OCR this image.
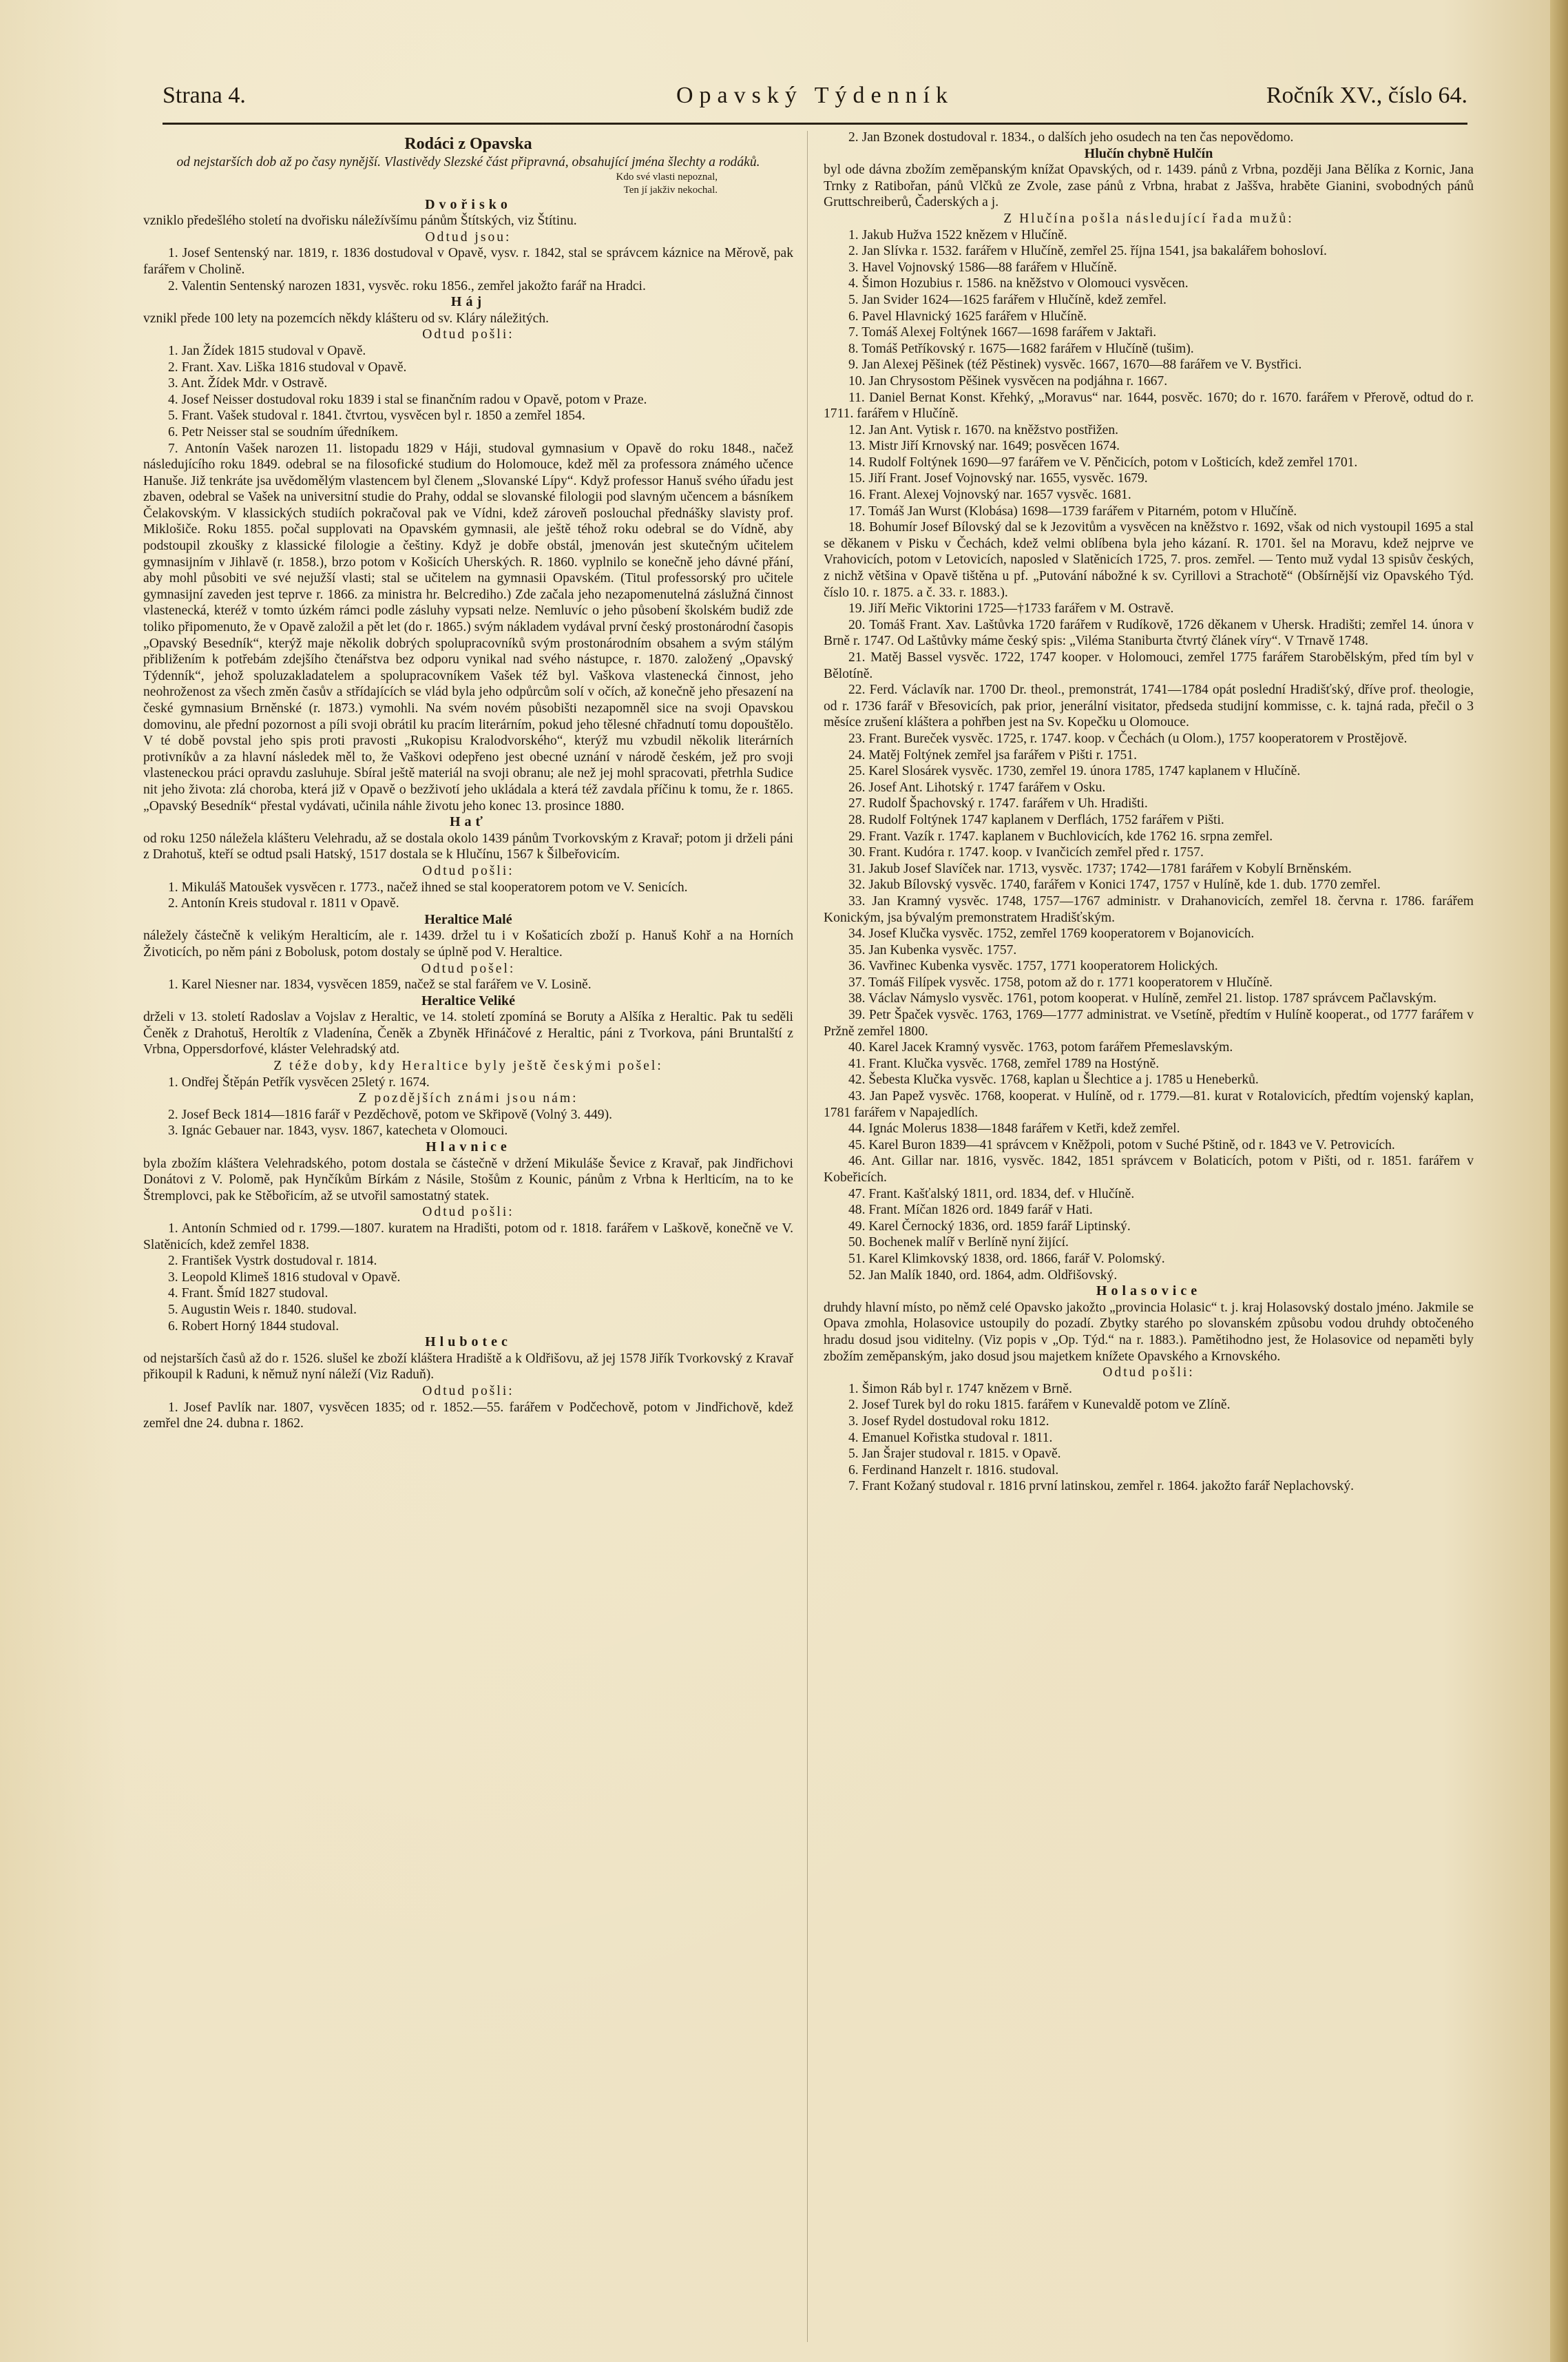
Strana 4.	Opavský Týdenník	Ročník XV., číslo 64.
Rodáci z Opavska
od nejstarších dob až po časy nynější. Vlastivědy Slezské část připravná, obsahující jména šlechty a rodáků.
Kdo své vlasti nepoznal,
Ten jí jakživ nekochal.
Dvořisko

vzniklo předešlého století na dvořisku náležívšímu pánům Štítských, viz Štítinu.

Odtud jsou:

1. Josef Sentenský nar. 1819, r. 1836 dostudoval v Opavě, vysv. r. 1842, stal se správcem káznice na Měrově, pak farářem v Cholině.

2. Valentin Sentenský narozen 1831, vysvěc. roku 1856., zemřel jakožto farář na Hradci.

Háj

vznikl přede 100 lety na pozemcích někdy klášteru od sv. Kláry náležitých.

Odtud pošli:

1. Jan Žídek 1815 studoval v Opavě.

2. Frant. Xav. Liška 1816 studoval v Opavě.

3. Ant. Žídek Mdr. v Ostravě.

4. Josef Neisser dostudoval roku 1839 i stal se finančním radou v Opavě, potom v Praze.

5. Frant. Vašek studoval r. 1841. čtvrtou, vysvěcen byl r. 1850 a zemřel 1854.

6. Petr Neisser stal se soudním úředníkem.

7. Antonín Vašek narozen 11. listopadu 1829 v Háji, studoval gymnasium v Opavě do roku 1848., načež následujícího roku 1849. odebral se na filosofické studium do Holomouce, kdež měl za professora známého učence Hanuše. Již tenkráte jsa uvědomělým vlastencem byl členem „Slovanské Lípy“. Když professor Hanuš svého úřadu jest zbaven, odebral se Vašek na universitní studie do Prahy, oddal se slovanské filologii pod slavným učencem a básníkem Čelakovským. V klassických studiích pokračoval pak ve Vídni, kdež zároveň poslouchal přednášky slavisty prof. Miklošiče. Roku 1855. počal supplovati na Opavském gymnasii, ale ještě téhož roku odebral se do Vídně, aby podstoupil zkoušky z klassické filologie a češtiny. Když je dobře obstál, jmenován jest skutečným učitelem gymnasijním v Jihlavě (r. 1858.), brzo potom v Košicích Uherských. R. 1860. vyplnilo se konečně jeho dávné přání, aby mohl působiti ve své nejužší vlasti; stal se učitelem na gymnasii Opavském. (Titul professorský pro učitele gymnasijní zaveden jest teprve r. 1866. za ministra hr. Belcrediho.) Zde začala jeho nezapomenutelná záslužná činnost vlastenecká, kteréž v tomto úzkém rámci podle zásluhy vypsati nelze. Nemluvíc o jeho působení školském budiž zde toliko připomenuto, že v Opavě založil a pět let (do r. 1865.) svým nákladem vydával první český prostonárodní časopis „Opavský Besedník“, kterýž maje několik dobrých spolupracovníků svým prostonárodním obsahem a svým stálým přibližením k potřebám zdejšího čtenářstva bez odporu vynikal nad svého nástupce, r. 1870. založený „Opavský Týdenník“, jehož spoluzakladatelem a spolupracovníkem Vašek též byl. Vaškova vlastenecká činnost, jeho neohroženost za všech změn časův a střídajících se vlád byla jeho odpůrcům solí v očích, až konečně jeho přesazení na české gymnasium Brněnské (r. 1873.) vymohli. Na svém novém působišti nezapomněl sice na svoji Opavskou domovinu, ale přední pozornost a píli svoji obrátil ku pracím literárním, pokud jeho tělesné chřadnutí tomu dopouštělo. V té době povstal jeho spis proti pravosti „Rukopisu Kralodvorského“, kterýž mu vzbudil několik literárních protivníkův a za hlavní následek měl to, že Vaškovi odepřeno jest obecné uznání v národě českém, jež pro svoji vlasteneckou práci opravdu zasluhuje. Sbíral ještě materiál na svoji obranu; ale než jej mohl spracovati, přetrhla Sudice nit jeho života: zlá choroba, která již v Opavě o bezživotí jeho ukládala a která též zavdala příčinu k tomu, že r. 1865. „Opavský Besedník“ přestal vydávati, učinila náhle životu jeho konec 13. prosince 1880.

Hať

od roku 1250 náležela klášteru Velehradu, až se dostala okolo 1439 pánům Tvorkovským z Kravař; potom ji drželi páni z Drahotuš, kteří se odtud psali Hatský, 1517 dostala se k Hlučínu, 1567 k Šilbeřovicím.

Odtud pošli:

1. Mikuláš Matoušek vysvěcen r. 1773., načež ihned se stal kooperatorem potom ve V. Senicích.

2. Antonín Kreis studoval r. 1811 v Opavě.

Heraltice Malé

náležely částečně k velikým Heralticím, ale r. 1439. držel tu i v Košaticích zboží p. Hanuš Kohř a na Horních Životicích, po něm páni z Bobolusk, potom dostaly se úplně pod V. Heraltice.

Odtud pošel:

1. Karel Niesner nar. 1834, vysvěcen 1859, načež se stal farářem ve V. Losině.

Heraltice Veliké

drželi v 13. století Radoslav a Vojslav z Heraltic, ve 14. století zpomíná se Boruty a Alšíka z Heraltic. Pak tu seděli Čeněk z Drahotuš, Heroltík z Vladenína, Čeněk a Zbyněk Hřináčové z Heraltic, páni z Tvorkova, páni Bruntalští z Vrbna, Oppersdorfové, kláster Velehradský atd.

Z téže doby, kdy Heraltice byly ještě českými pošel:

1. Ondřej Štěpán Petřík vysvěcen 25letý r. 1674.

Z pozdějších známi jsou nám:

2. Josef Beck 1814—1816 farář v Pezděchově, potom ve Skřipově (Volný 3. 449).

3. Ignác Gebauer nar. 1843, vysv. 1867, katecheta v Olomouci.

Hlavnice

byla zbožím kláštera Velehradského, potom dostala se částečně v držení Mikuláše Ševice z Kravař, pak Jindřichovi Donátovi z V. Polomě, pak Hynčíkům Bírkám z Násile, Stošům z Kounic, pánům z Vrbna k Herlticím, na to ke Štremplovci, pak ke Stěbořicím, až se utvořil samostatný statek.

Odtud pošli:

1. Antonín Schmied od r. 1799.—1807. kuratem na Hradišti, potom od r. 1818. farářem v Laškově, konečně ve V. Slatěnicích, kdež zemřel 1838.

2. František Vystrk dostudoval r. 1814.

3. Leopold Klimeš 1816 studoval v Opavě.

4. Frant. Šmíd 1827 studoval.

5. Augustin Weis r. 1840. studoval.

6. Robert Horný 1844 studoval.

Hlubotec

od nejstarších časů až do r. 1526. slušel ke zboží kláštera Hradiště a k Oldřišovu, až jej 1578 Jiřík Tvorkovský z Kravař přikoupil k Raduni, k němuž nyní náleží (Viz Raduň).

Odtud pošli:

1. Josef Pavlík nar. 1807, vysvěcen 1835; od r. 1852.—55. farářem v Podčechově, potom v Jindřichově, kdež zemřel dne 24. dubna r. 1862.

2. Jan Bzonek dostudoval r. 1834., o dalších jeho osudech na ten čas nepovědomo.

Hlučín chybně Hulčín

byl ode dávna zbožím zeměpanským knížat Opavských, od r. 1439. pánů z Vrbna, později Jana Bělíka z Kornic, Jana Trnky z Ratibořan, pánů Vlčků ze Zvole, zase pánů z Vrbna, hrabat z Jaššva, hraběte Gianini, svobodných pánů Gruttschreiberů, Čaderských a j.

Z Hlučína pošla následující řada mužů:

1. Jakub Hužva 1522 knězem v Hlučíně.

2. Jan Slívka r. 1532. farářem v Hlučíně, zemřel 25. října 1541, jsa bakalářem bohosloví.

3. Havel Vojnovský 1586—88 farářem v Hlučíně.

4. Šimon Hozubius r. 1586. na kněžstvo v Olomouci vysvěcen.

5. Jan Svider 1624—1625 farářem v Hlučíně, kdež zemřel.

6. Pavel Hlavnický 1625 farářem v Hlučíně.

7. Tomáš Alexej Foltýnek 1667—1698 farářem v Jaktaři.

8. Tomáš Petříkovský r. 1675—1682 farářem v Hlučíně (tušim).

9. Jan Alexej Pěšinek (též Pěstinek) vysvěc. 1667, 1670—88 farářem ve V. Bystřici.

10. Jan Chrysostom Pěšinek vysvěcen na podjáhna r. 1667.

11. Daniel Bernat Konst. Křehký, „Moravus“ nar. 1644, posvěc. 1670; do r. 1670. farářem v Přerově, odtud do r. 1711. farářem v Hlučíně.

12. Jan Ant. Vytisk r. 1670. na kněžstvo postřižen.

13. Mistr Jiří Krnovský nar. 1649; posvěcen 1674.

14. Rudolf Foltýnek 1690—97 farářem ve V. Pěnčicích, potom v Lošticích, kdež zemřel 1701.

15. Jiří Frant. Josef Vojnovský nar. 1655, vysvěc. 1679.

16. Frant. Alexej Vojnovský nar. 1657 vysvěc. 1681.

17. Tomáš Jan Wurst (Klobása) 1698—1739 farářem v Pitarném, potom v Hlučíně.

18. Bohumír Josef Bílovský dal se k Jezovitům a vysvěcen na kněžstvo r. 1692, však od nich vystoupil 1695 a stal se děkanem v Pisku v Čechách, kdež velmi oblíbena byla jeho kázaní. R. 1701. šel na Moravu, kdež nejprve ve Vrahovicích, potom v Letovicích, naposled v Slatěnicích 1725, 7. pros. zemřel. — Tento muž vydal 13 spisův českých, z nichž většina v Opavě tištěna u pf. „Putování nábožné k sv. Cyrillovi a Strachotě“ (Obšírnější viz Opavského Týd. číslo 10. r. 1875. a č. 33. r. 1883.).

19. Jiří Meřic Viktorini 1725—†1733 farářem v M. Ostravě.

20. Tomáš Frant. Xav. Laštůvka 1720 farářem v Rudíkově, 1726 děkanem v Uhersk. Hradišti; zemřel 14. února v Brně r. 1747. Od Laštůvky máme český spis: „Viléma Staniburta čtvrtý článek víry“. V Trnavě 1748.

21. Matěj Bassel vysvěc. 1722, 1747 kooper. v Holomouci, zemřel 1775 farářem Starobělským, před tím byl v Bělotíně.

22. Ferd. Václavík nar. 1700 Dr. theol., premonstrát, 1741—1784 opát poslední Hradišťský, dříve prof. theologie, od r. 1736 farář v Břesovicích, pak prior, jenerální visitator, předseda studijní kommisse, c. k. tajná rada, přečil o 3 měsíce zrušení kláštera a pohřben jest na Sv. Kopečku u Olomouce.

23. Frant. Bureček vysvěc. 1725, r. 1747. koop. v Čechách (u Olom.), 1757 kooperatorem v Prostějově.

24. Matěj Foltýnek zemřel jsa farářem v Pišti r. 1751.

25. Karel Slosárek vysvěc. 1730, zemřel 19. února 1785, 1747 kaplanem v Hlučíně.

26. Josef Ant. Lihotský r. 1747 farářem v Osku.

27. Rudolf Špachovský r. 1747. farářem v Uh. Hradišti.

28. Rudolf Foltýnek 1747 kaplanem v Derflách, 1752 farářem v Pišti.

29. Frant. Vazík r. 1747. kaplanem v Buchlovicích, kde 1762 16. srpna zemřel.

30. Frant. Kudóra r. 1747. koop. v Ivančicích zemřel před r. 1757.

31. Jakub Josef Slavíček nar. 1713, vysvěc. 1737; 1742—1781 farářem v Kobylí Brněnském.

32. Jakub Bílovský vysvěc. 1740, farářem v Konici 1747, 1757 v Hulíně, kde 1. dub. 1770 zemřel.

33. Jan Kramný vysvěc. 1748, 1757—1767 administr. v Drahanovicích, zemřel 18. června r. 1786. farářem Konickým, jsa bývalým premonstratem Hradišťským.

34. Josef Klučka vysvěc. 1752, zemřel 1769 kooperatorem v Bojanovicích.

35. Jan Kubenka vysvěc. 1757.

36. Vavřinec Kubenka vysvěc. 1757, 1771 kooperatorem Holických.

37. Tomáš Filípek vysvěc. 1758, potom až do r. 1771 kooperatorem v Hlučíně.

38. Václav Námyslo vysvěc. 1761, potom kooperat. v Hulíně, zemřel 21. listop. 1787 správcem Pačlavským.

39. Petr Špaček vysvěc. 1763, 1769—1777 administrat. ve Vsetíně, předtím v Hulíně kooperat., od 1777 farářem v Pržně zemřel 1800.

40. Karel Jacek Kramný vysvěc. 1763, potom farářem Přemeslavským.

41. Frant. Klučka vysvěc. 1768, zemřel 1789 na Hostýně.

42. Šebesta Klučka vysvěc. 1768, kaplan u Šlechtice a j. 1785 u Heneberků.

43. Jan Papež vysvěc. 1768, kooperat. v Hulíně, od r. 1779.—81. kurat v Rotalovicích, předtím vojenský kaplan, 1781 farářem v Napajedlích.

44. Ignác Molerus 1838—1848 farářem v Ketři, kdež zemřel.

45. Karel Buron 1839—41 správcem v Kněžpoli, potom v Suché Pštině, od r. 1843 ve V. Petrovicích.

46. Ant. Gillar nar. 1816, vysvěc. 1842, 1851 správcem v Bolaticích, potom v Pišti, od r. 1851. farářem v Kobeřicích.

47. Frant. Kašťalský 1811, ord. 1834, def. v Hlučíně.

48. Frant. Míčan 1826 ord. 1849 farář v Hati.

49. Karel Černocký 1836, ord. 1859 farář Liptinský.

50. Bochenek malíř v Berlíně nyní žijící.

51. Karel Klimkovský 1838, ord. 1866, farář V. Polomský.

52. Jan Malík 1840, ord. 1864, adm. Oldřišovský.

Holasovice

druhdy hlavní místo, po němž celé Opavsko jakožto „provincia Holasic“ t. j. kraj Holasovský dostalo jméno. Jakmile se Opava zmohla, Holasovice ustoupily do pozadí. Zbytky starého po slovanském způsobu vodou druhdy obtočeného hradu dosud jsou viditelny. (Viz popis v „Op. Týd.“ na r. 1883.). Pamětihodno jest, že Holasovice od nepaměti byly zbožím zeměpanským, jako dosud jsou majetkem knížete Opavského a Krnovského.

Odtud pošli:

1. Šimon Ráb byl r. 1747 knězem v Brně.

2. Josef Turek byl do roku 1815. farářem v Kunevaldě potom ve Zlíně.

3. Josef Rydel dostudoval roku 1812.

4. Emanuel Kořistka studoval r. 1811.

5. Jan Šrajer studoval r. 1815. v Opavě.

6. Ferdinand Hanzelt r. 1816. studoval.

7. Frant Kožaný studoval r. 1816 první latinskou, zemřel r. 1864. jakožto farář Neplachovský.
